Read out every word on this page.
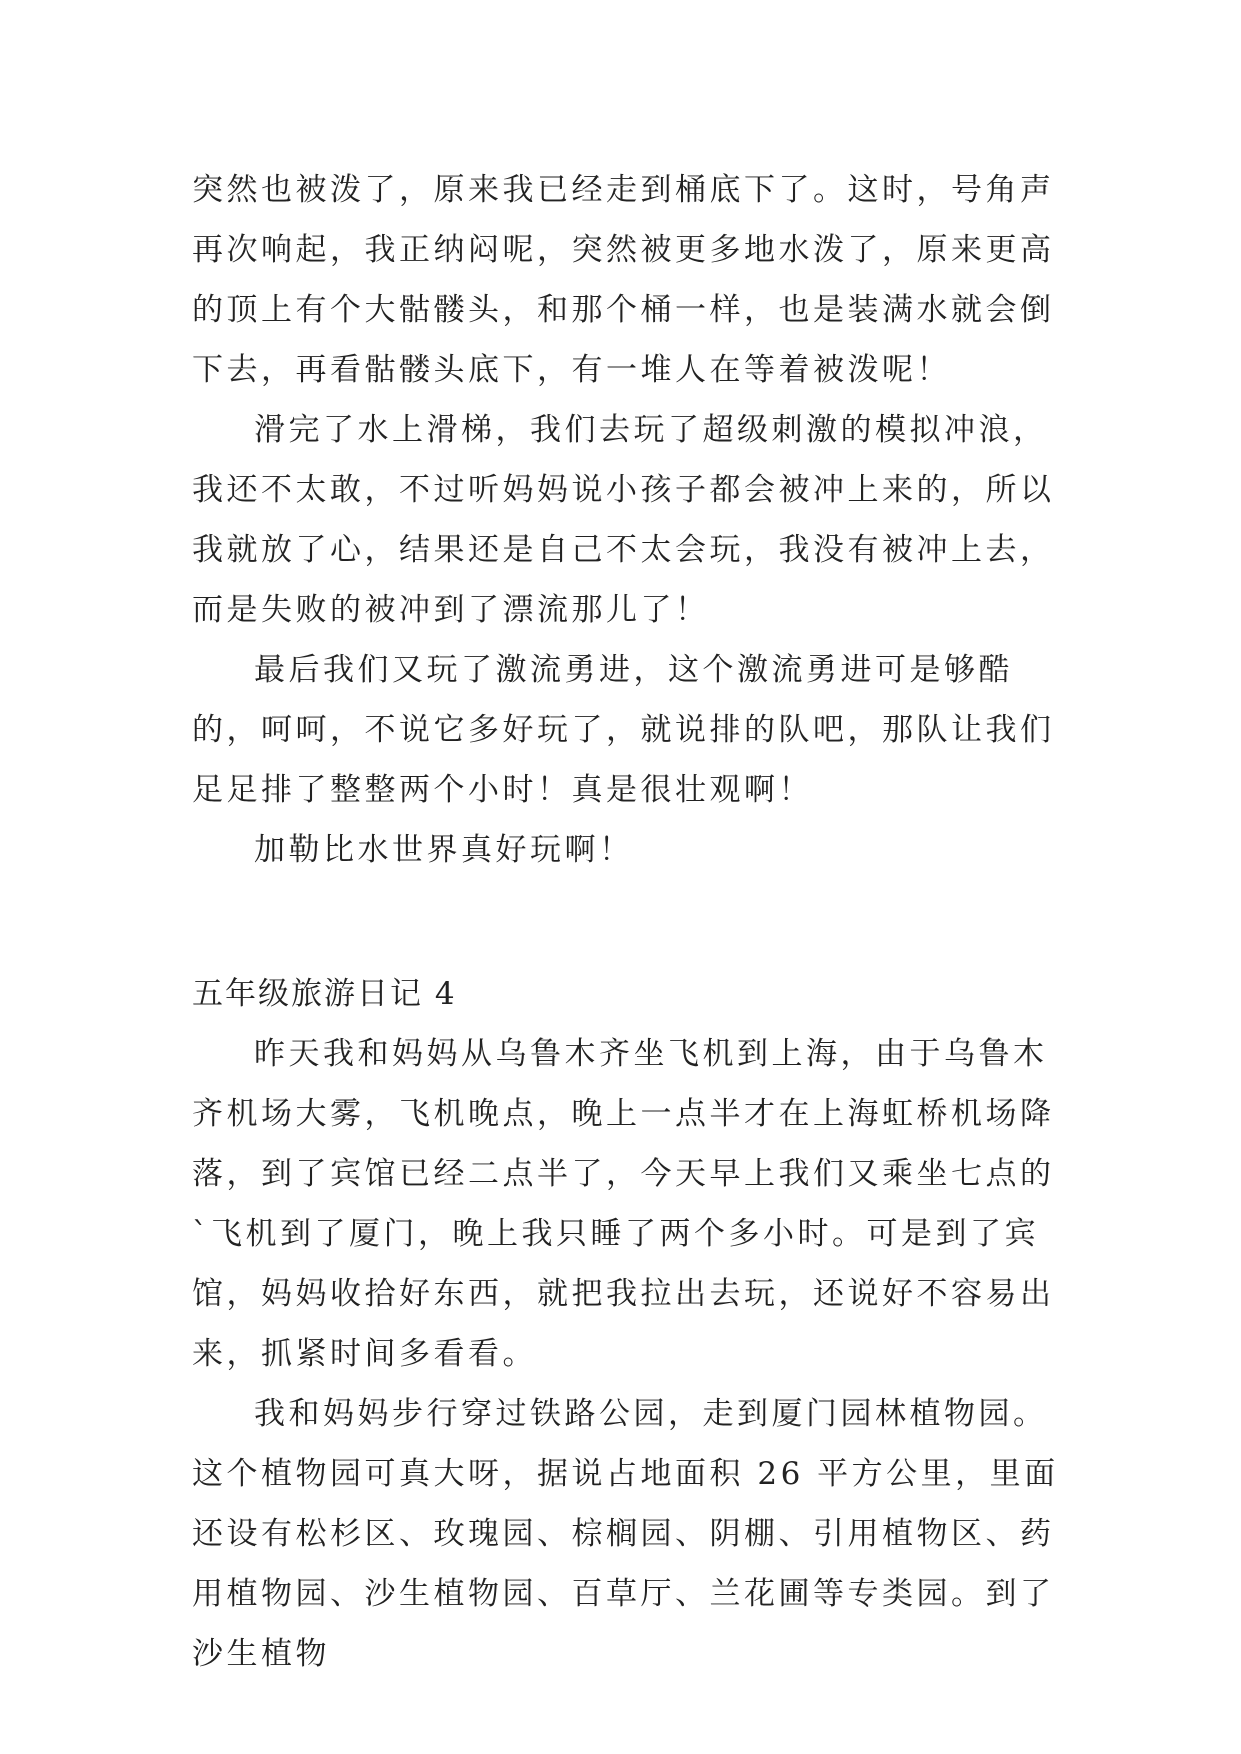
突然也被泼了，原来我已经走到桶底下了。这时，号角声再次响起，我正纳闷呢，突然被更多地水泼了，原来更高的顶上有个大骷髅头，和那个桶一样，也是装满水就会倒下去，再看骷髅头底下，有一堆人在等着被泼呢！

滑完了水上滑梯，我们去玩了超级刺激的模拟冲浪，我还不太敢，不过听妈妈说小孩子都会被冲上来的，所以我就放了心，结果还是自己不太会玩，我没有被冲上去，而是失败的被冲到了漂流那儿了！

最后我们又玩了激流勇进，这个激流勇进可是够酷的，呵呵，不说它多好玩了，就说排的队吧，那队让我们足足排了整整两个小时！真是很壮观啊！

加勒比水世界真好玩啊！

五年级旅游日记 4

昨天我和妈妈从乌鲁木齐坐飞机到上海，由于乌鲁木齐机场大雾，飞机晚点，晚上一点半才在上海虹桥机场降落，到了宾馆已经二点半了，今天早上我们又乘坐七点的`飞机到了厦门，晚上我只睡了两个多小时。可是到了宾馆，妈妈收拾好东西，就把我拉出去玩，还说好不容易出来，抓紧时间多看看。

我和妈妈步行穿过铁路公园，走到厦门园林植物园。这个植物园可真大呀，据说占地面积 26 平方公里，里面还设有松杉区、玫瑰园、棕榈园、阴棚、引用植物区、药用植物园、沙生植物园、百草厅、兰花圃等专类园。到了沙生植物
